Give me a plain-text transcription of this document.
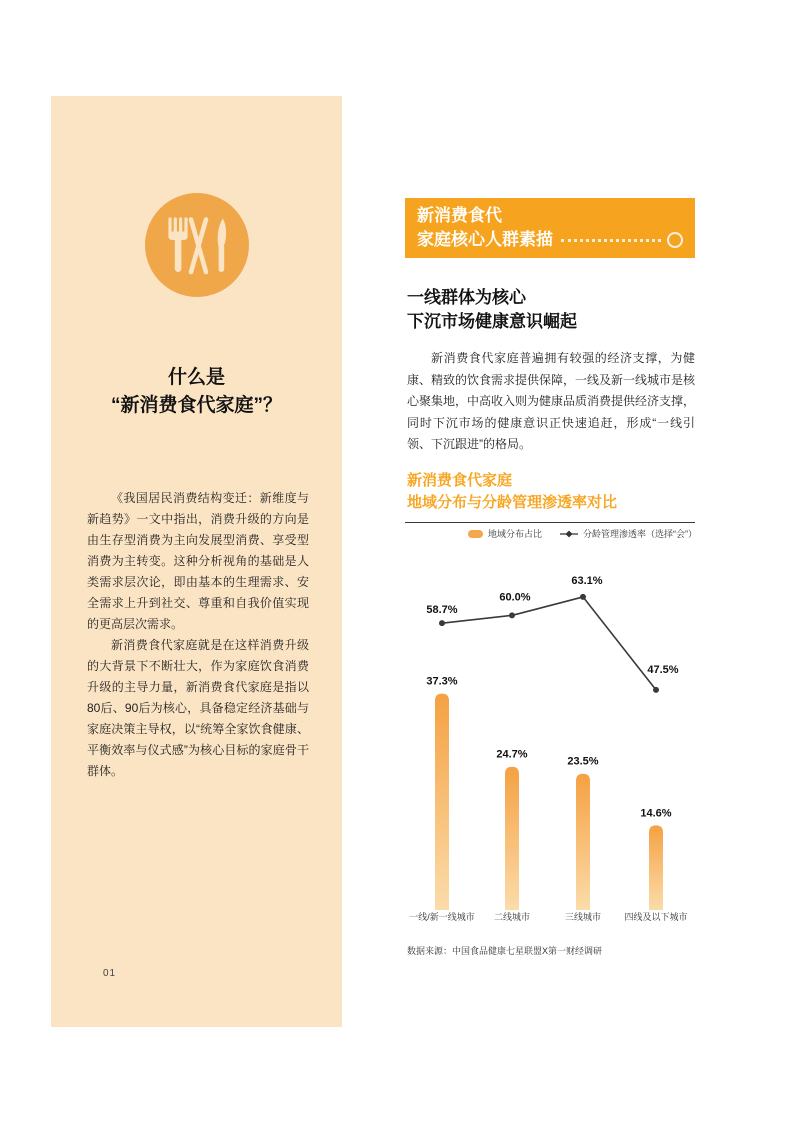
什么是
“新消费食代家庭”？

《我国居民消费结构变迁：新维度与新趋势》一文中指出，消费升级的方向是由生存型消费为主向发展型消费、享受型消费为主转变。这种分析视角的基础是人类需求层次论，即由基本的生理需求、安全需求上升到社交、尊重和自我价值实现的更高层次需求。

新消费食代家庭就是在这样消费升级的大背景下不断壮大，作为家庭饮食消费升级的主导力量，新消费食代家庭是指以80后、90后为核心，具备稳定经济基础与家庭决策主导权，以“统筹全家饮食健康、平衡效率与仪式感”为核心目标的家庭骨干群体。

01
新消费食代
家庭核心人群素描
一线群体为核心
下沉市场健康意识崛起

新消费食代家庭普遍拥有较强的经济支撑，为健康、精致的饮食需求提供保障，一线及新一线城市是核心聚集地，中高收入则为健康品质消费提供经济支撑，同时下沉市场的健康意识正快速追赶，形成“一线引领、下沉跟进”的格局。

新消费食代家庭
地域分布与分龄管理渗透率对比
地域分布占比	分龄管理渗透率（选择“会”）
37.3%
24.7%
23.5%
14.6%
58.7%
60.0%
63.1%
47.5%
一线/新一线城市 二线城市	三线城市	四线及以下城市
数据来源：中国食品健康七星联盟X第一财经调研
